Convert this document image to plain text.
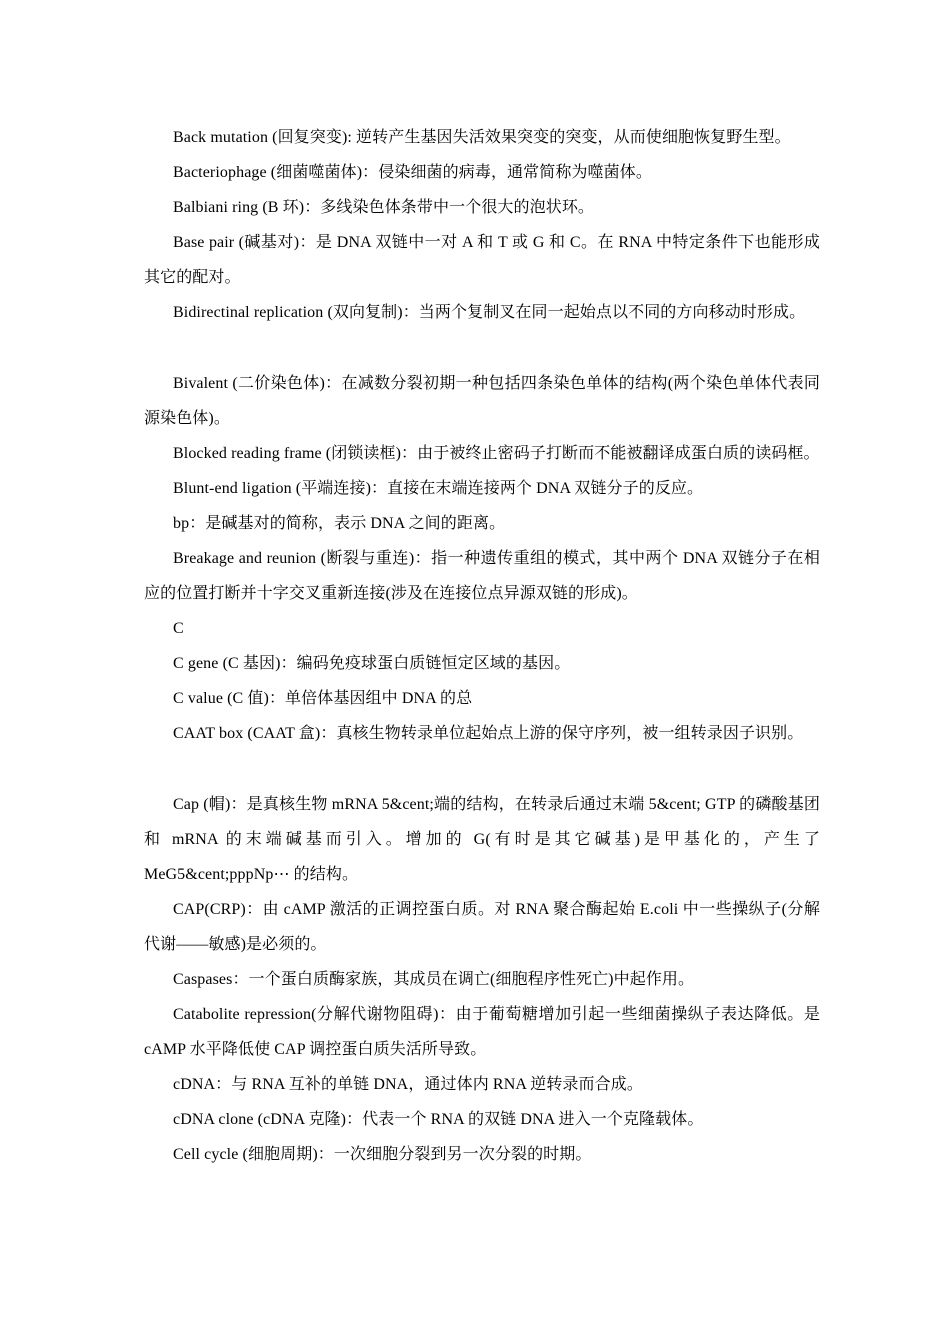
Back mutation (回复突变): 逆转产生基因失活效果突变的突变，从而使细胞恢复野生型。

Bacteriophage (细菌噬菌体)：侵染细菌的病毒，通常简称为噬菌体。

Balbiani ring (B 环)：多线染色体条带中一个很大的泡状环。

Base pair (碱基对)：是 DNA 双链中一对 A 和 T 或 G 和 C。在 RNA 中特定条件下也能形成其它的配对。

Bidirectinal replication (双向复制)：当两个复制叉在同一起始点以不同的方向移动时形成。

Bivalent (二价染色体)：在减数分裂初期一种包括四条染色单体的结构(两个染色单体代表同源染色体)。

Blocked reading frame (闭锁读框)：由于被终止密码子打断而不能被翻译成蛋白质的读码框。

Blunt-end ligation (平端连接)：直接在末端连接两个 DNA 双链分子的反应。

bp：是碱基对的简称，表示 DNA 之间的距离。

Breakage and reunion (断裂与重连)：指一种遗传重组的模式，其中两个 DNA 双链分子在相应的位置打断并十字交叉重新连接(涉及在连接位点异源双链的形成)。

C

C gene (C 基因)：编码免疫球蛋白质链恒定区域的基因。

C value (C 值)：单倍体基因组中 DNA 的总

CAAT box (CAAT 盒)：真核生物转录单位起始点上游的保守序列，被一组转录因子识别。

Cap (帽)：是真核生物 mRNA 5&cent;端的结构，在转录后通过末端 5&cent; GTP 的磷酸基团和 mRNA 的末端碱基而引入。增加的 G(有时是其它碱基)是甲基化的，产生了MeG5&cent;pppNp⋯ 的结构。

CAP(CRP)：由 cAMP 激活的正调控蛋白质。对 RNA 聚合酶起始 E.coli 中一些操纵子(分解代谢——敏感)是必须的。

Caspases：一个蛋白质酶家族，其成员在调亡(细胞程序性死亡)中起作用。

Catabolite repression(分解代谢物阻碍)：由于葡萄糖增加引起一些细菌操纵子表达降低。是 cAMP 水平降低使 CAP 调控蛋白质失活所导致。

cDNA：与 RNA 互补的单链 DNA，通过体内 RNA 逆转录而合成。

cDNA clone (cDNA 克隆)：代表一个 RNA 的双链 DNA 进入一个克隆载体。

Cell cycle (细胞周期)：一次细胞分裂到另一次分裂的时期。
